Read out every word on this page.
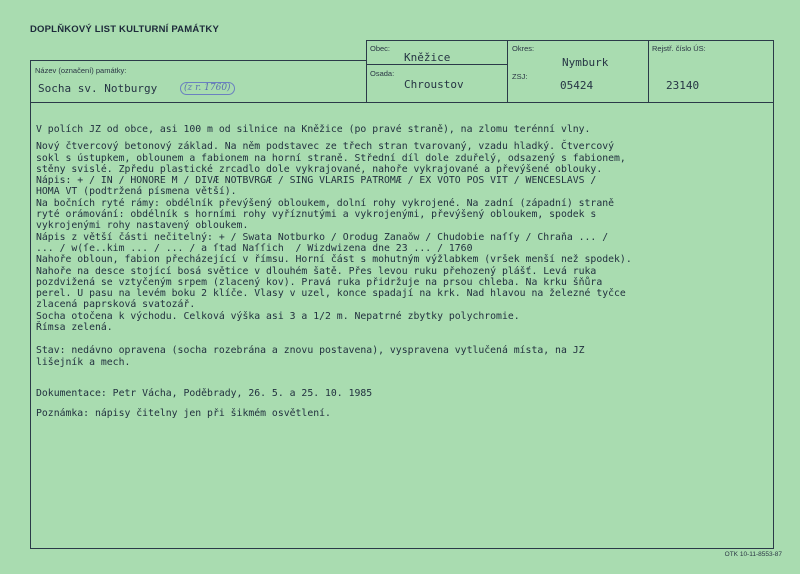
DOPLŇKOVÝ LIST KULTURNÍ PAMÁTKY
Název (označení) památky:
Socha sv. Notburgy	(z r. 1760)
Obec:
Kněžice
Osada:
Chroustov
Okres:
Nymburk
ZSJ:
05424
Rejstř. číslo ÚS:
23140

V polích JZ od obce, asi 100 m od silnice na Kněžice (po pravé straně), na zlomu terénní vlny.

Nový čtvercový betonový základ. Na něm podstavec ze třech stran tvarovaný, vzadu hladký. Čtvercový

sokl s ústupkem, oblounem a fabionem na horní straně. Střední díl dole zduřelý, odsazený s fabionem,

stěny svislé. Zpředu plastické zrcadlo dole vykrajované, nahoře vykrajované a převýšené oblouky.

Nápis: + / IN / HONORE M / DIVÆ NOTBVRGÆ / SING VLARIS PATROMÆ / EX VOTO POS VIT / WENCESLAVS /

HOMA VT (podtržená písmena větší).

Na bočních ryté rámy: obdélník převýšený obloukem, dolní rohy vykrojené. Na zadní (západní) straně

ryté orámování: obdélník s horními rohy vyříznutými a vykrojenými, převýšený obloukem, spodek s

vykrojenými rohy nastavený obloukem.

Nápis z větší části nečitelný: + / Swata Notburko / Orodug Zanaŏw / Chudobie naſſy / Chraňa ... /

... / w(ſe..kim ... / ... / a ſtad Naſſich  / Wizdwizena dne 23 ... / 1760

Nahoře obloun, fabion přecházející v římsu. Horní část s mohutným výžlabkem (vršek menší než spodek).

Nahoře na desce stojící bosá světice v dlouhém šatě. Přes levou ruku přehozený plášť. Levá ruka

pozdvižená se vztyčeným srpem (zlacený kov). Pravá ruka přidržuje na prsou chleba. Na krku šňůra

perel. U pasu na levém boku 2 klíče. Vlasy v uzel, konce spadají na krk. Nad hlavou na železné tyčce

zlacená paprsková svatozář.

Socha otočena k východu. Celková výška asi 3 a 1/2 m. Nepatrné zbytky polychromie.

Římsa zelená.

Stav: nedávno opravena (socha rozebrána a znovu postavena), vyspravena vytlučená místa, na JZ

lišejník a mech.

Dokumentace: Petr Vácha, Poděbrady, 26. 5. a 25. 10. 1985

Poznámka: nápisy čitelny jen při šikmém osvětlení.

OTK 10-11-8553-87
